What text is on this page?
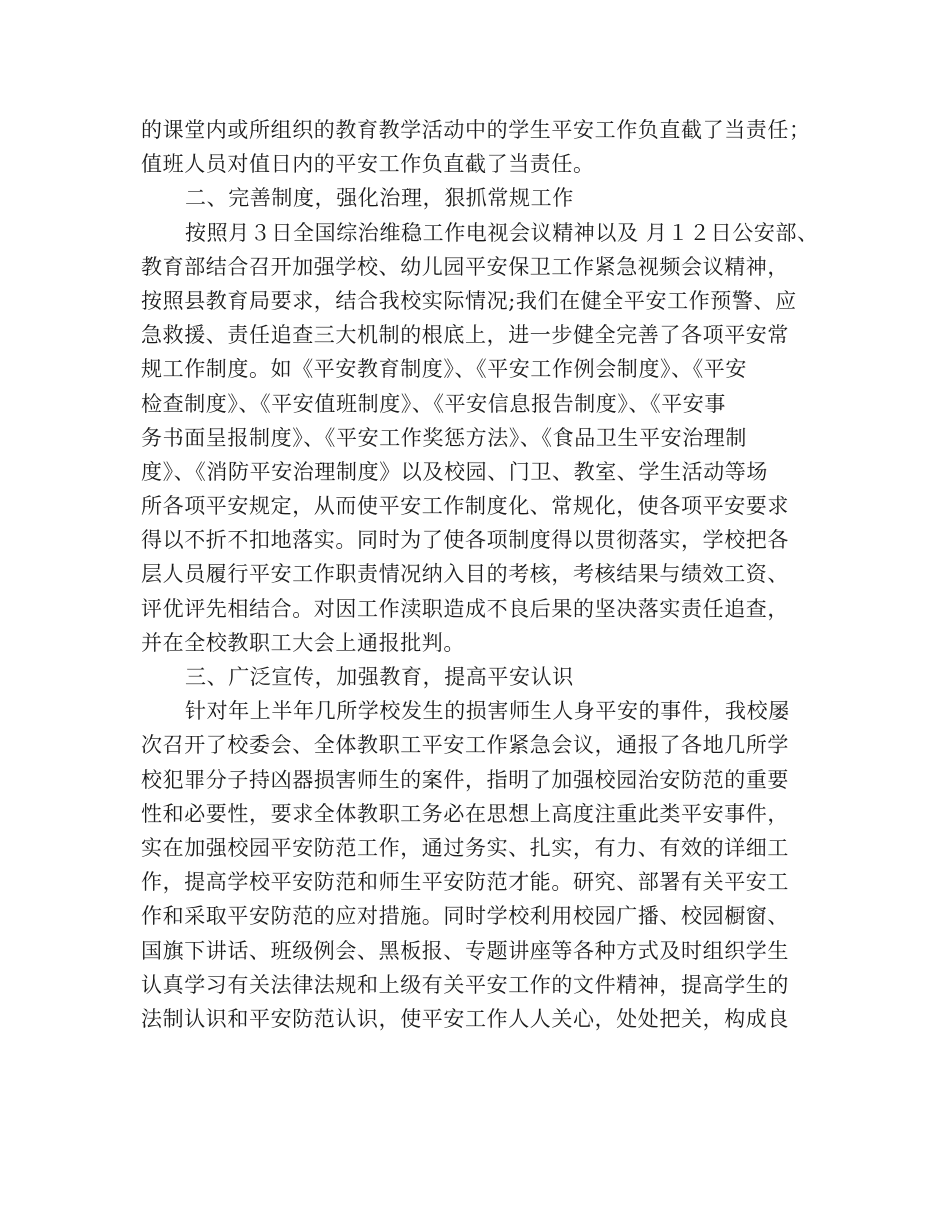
的课堂内或所组织的教育教学活动中的学生平安工作负直截了当责任；
值班人员对值日内的平安工作负直截了当责任。
二、完善制度，强化治理，狠抓常规工作
按照月３日全国综治维稳工作电视会议精神以及 月１２日公安部、
教育部结合召开加强学校、幼儿园平安保卫工作紧急视频会议精神，
按照县教育局要求，结合我校实际情况;我们在健全平安工作预警、应
急救援、责任追查三大机制的根底上，进一步健全完善了各项平安常
规工作制度。如《平安教育制度》、《平安工作例会制度》、《平安
检查制度》、《平安值班制度》、《平安信息报告制度》、《平安事
务书面呈报制度》、《平安工作奖惩方法》、《食品卫生平安治理制
度》、《消防平安治理制度》以及校园、门卫、教室、学生活动等场
所各项平安规定，从而使平安工作制度化、常规化，使各项平安要求
得以不折不扣地落实。同时为了使各项制度得以贯彻落实，学校把各
层人员履行平安工作职责情况纳入目的考核，考核结果与绩效工资、
评优评先相结合。对因工作渎职造成不良后果的坚决落实责任追查，
并在全校教职工大会上通报批判。
三、广泛宣传，加强教育，提高平安认识
针对年上半年几所学校发生的损害师生人身平安的事件，我校屡
次召开了校委会、全体教职工平安工作紧急会议，通报了各地几所学
校犯罪分子持凶器损害师生的案件，指明了加强校园治安防范的重要
性和必要性，要求全体教职工务必在思想上高度注重此类平安事件，
实在加强校园平安防范工作，通过务实、扎实，有力、有效的详细工
作，提高学校平安防范和师生平安防范才能。研究、部署有关平安工
作和采取平安防范的应对措施。同时学校利用校园广播、校园橱窗、
国旗下讲话、班级例会、黑板报、专题讲座等各种方式及时组织学生
认真学习有关法律法规和上级有关平安工作的文件精神，提高学生的
法制认识和平安防范认识，使平安工作人人关心，处处把关，构成良
